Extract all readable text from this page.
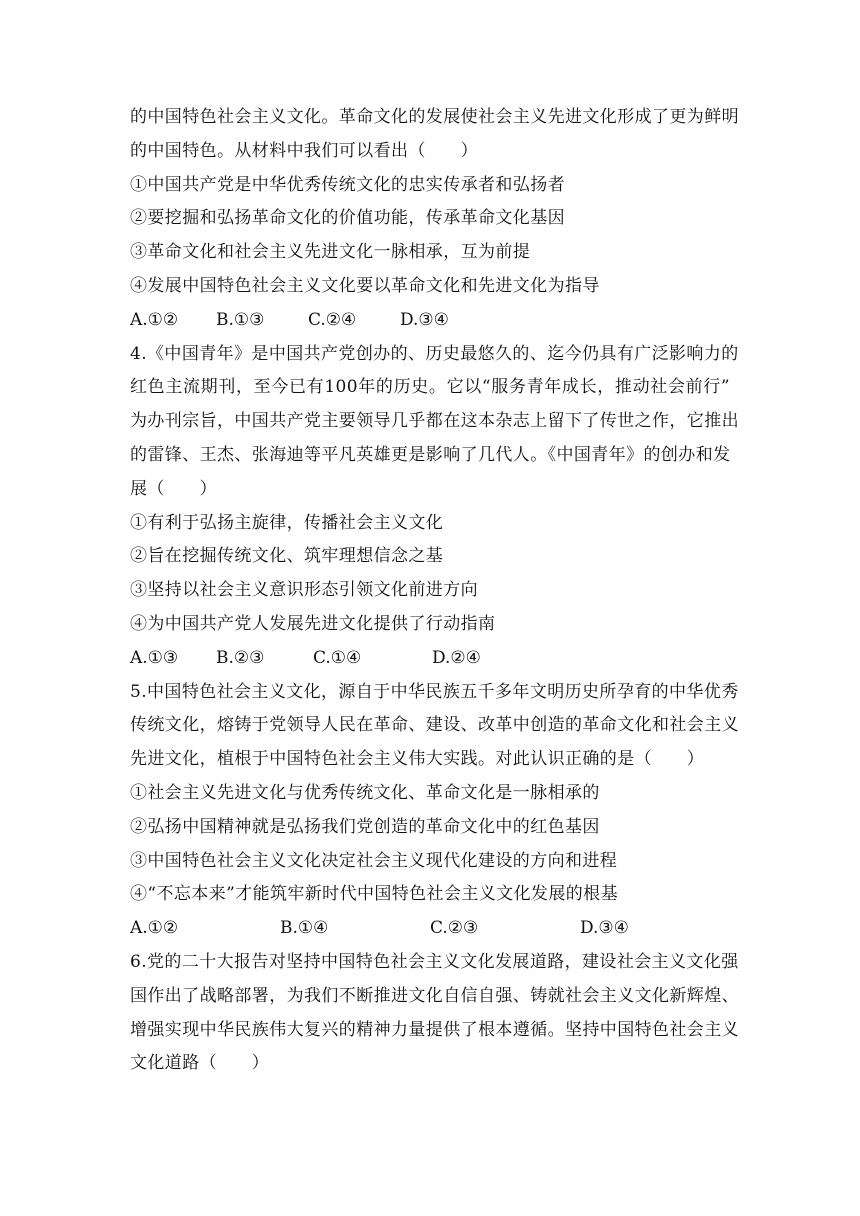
的中国特色社会主义文化。革命文化的发展使社会主义先进文化形成了更为鲜明
的中国特色。从材料中我们可以看出（　　）
①中国共产党是中华优秀传统文化的忠实传承者和弘扬者
②要挖掘和弘扬革命文化的价值功能，传承革命文化基因
③革命文化和社会主义先进文化一脉相承，互为前提
④发展中国特色社会主义文化要以革命文化和先进文化为指导
A.①② B.①③	C.②④	D.③④
4.《中国青年》是中国共产党创办的、历史最悠久的、迄今仍具有广泛影响力的
红色主流期刊，至今已有100年的历史。它以“服务青年成长，推动社会前行”
为办刊宗旨，中国共产党主要领导几乎都在这本杂志上留下了传世之作，它推出
的雷锋、王杰、张海迪等平凡英雄更是影响了几代人。《中国青年》的创办和发
展（　　）
①有利于弘扬主旋律，传播社会主义文化
②旨在挖掘传统文化、筑牢理想信念之基
③坚持以社会主义意识形态引领文化前进方向
④为中国共产党人发展先进文化提供了行动指南
A.①③ B.②③	C.①④	D.②④
5.中国特色社会主义文化，源自于中华民族五千多年文明历史所孕育的中华优秀
传统文化，熔铸于党领导人民在革命、建设、改革中创造的革命文化和社会主义
先进文化，植根于中国特色社会主义伟大实践。对此认识正确的是（　　）
①社会主义先进文化与优秀传统文化、革命文化是一脉相承的
②弘扬中国精神就是弘扬我们党创造的革命文化中的红色基因
③中国特色社会主义文化决定社会主义现代化建设的方向和进程
④“不忘本来”才能筑牢新时代中国特色社会主义文化发展的根基
A.①②	B.①④	C.②③	D.③④
6.党的二十大报告对坚持中国特色社会主义文化发展道路，建设社会主义文化强
国作出了战略部署，为我们不断推进文化自信自强、铸就社会主义文化新辉煌、
增强实现中华民族伟大复兴的精神力量提供了根本遵循。坚持中国特色社会主义
文化道路（　　）
